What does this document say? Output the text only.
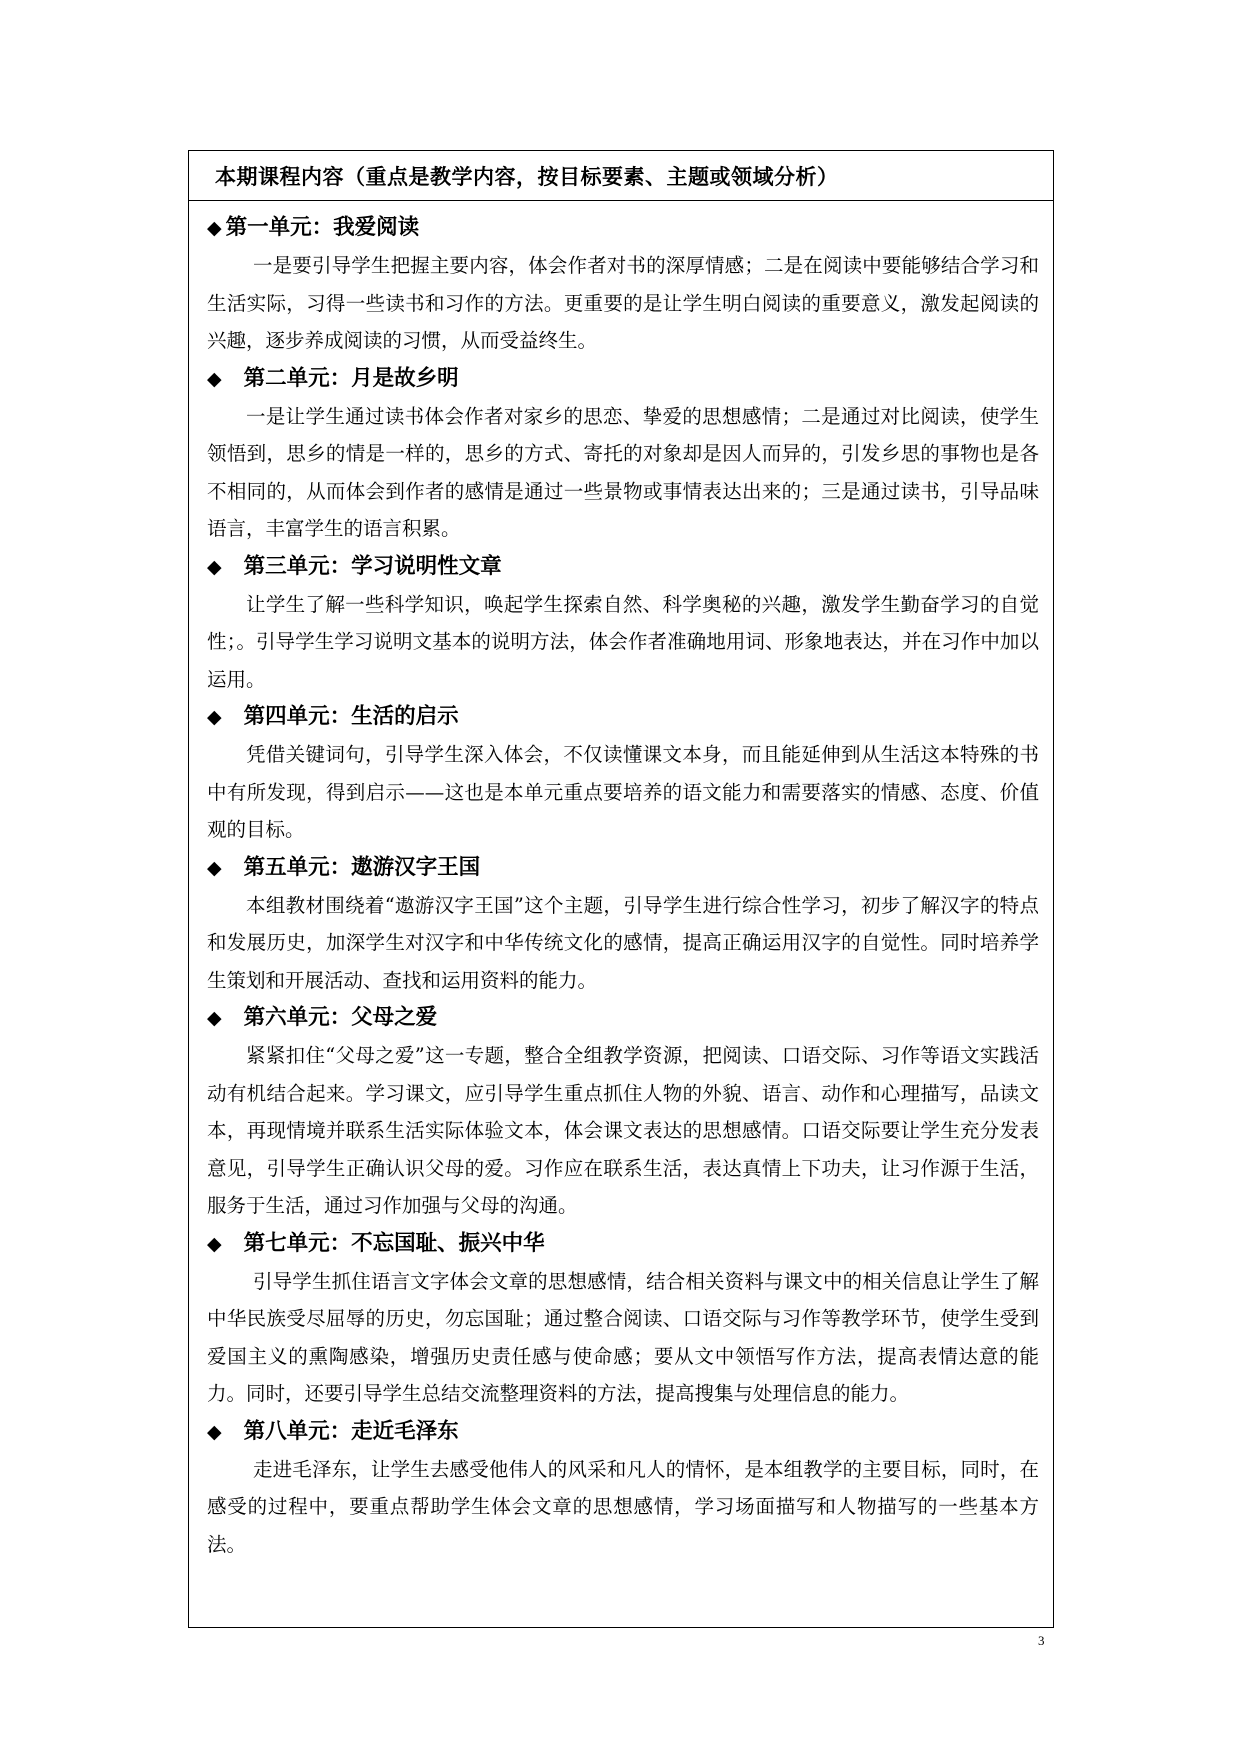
本期课程内容（重点是教学内容，按目标要素、主题或领域分析）
◆ 第一单元：我爱阅读

一是要引导学生把握主要内容，体会作者对书的深厚情感；二是在阅读中要能够结合学习和生活实际，习得一些读书和习作的方法。更重要的是让学生明白阅读的重要意义，激发起阅读的兴趣，逐步养成阅读的习惯，从而受益终生。

◆ 第二单元：月是故乡明

一是让学生通过读书体会作者对家乡的思恋、挚爱的思想感情；二是通过对比阅读，使学生领悟到，思乡的情是一样的，思乡的方式、寄托的对象却是因人而异的，引发乡思的事物也是各不相同的，从而体会到作者的感情是通过一些景物或事情表达出来的；三是通过读书，引导品味语言，丰富学生的语言积累。

◆ 第三单元：学习说明性文章

让学生了解一些科学知识，唤起学生探索自然、科学奥秘的兴趣，激发学生勤奋学习的自觉性；。引导学生学习说明文基本的说明方法，体会作者准确地用词、形象地表达，并在习作中加以运用。

◆ 第四单元：生活的启示

凭借关键词句，引导学生深入体会，不仅读懂课文本身，而且能延伸到从生活这本特殊的书中有所发现，得到启示——这也是本单元重点要培养的语文能力和需要落实的情感、态度、价值观的目标。

◆ 第五单元：遨游汉字王国

本组教材围绕着“遨游汉字王国”这个主题，引导学生进行综合性学习，初步了解汉字的特点和发展历史，加深学生对汉字和中华传统文化的感情，提高正确运用汉字的自觉性。同时培养学生策划和开展活动、查找和运用资料的能力。

◆ 第六单元：父母之爱

紧紧扣住“父母之爱”这一专题，整合全组教学资源，把阅读、口语交际、习作等语文实践活动有机结合起来。学习课文，应引导学生重点抓住人物的外貌、语言、动作和心理描写，品读文本，再现情境并联系生活实际体验文本，体会课文表达的思想感情。口语交际要让学生充分发表意见，引导学生正确认识父母的爱。习作应在联系生活，表达真情上下功夫，让习作源于生活，服务于生活，通过习作加强与父母的沟通。

◆ 第七单元：不忘国耻、振兴中华

引导学生抓住语言文字体会文章的思想感情，结合相关资料与课文中的相关信息让学生了解中华民族受尽屈辱的历史，勿忘国耻；通过整合阅读、口语交际与习作等教学环节，使学生受到爱国主义的熏陶感染，增强历史责任感与使命感；要从文中领悟写作方法，提高表情达意的能力。同时，还要引导学生总结交流整理资料的方法，提高搜集与处理信息的能力。

◆ 第八单元：走近毛泽东

走进毛泽东，让学生去感受他伟人的风采和凡人的情怀，是本组教学的主要目标，同时，在感受的过程中，要重点帮助学生体会文章的思想感情，学习场面描写和人物描写的一些基本方法。

3
